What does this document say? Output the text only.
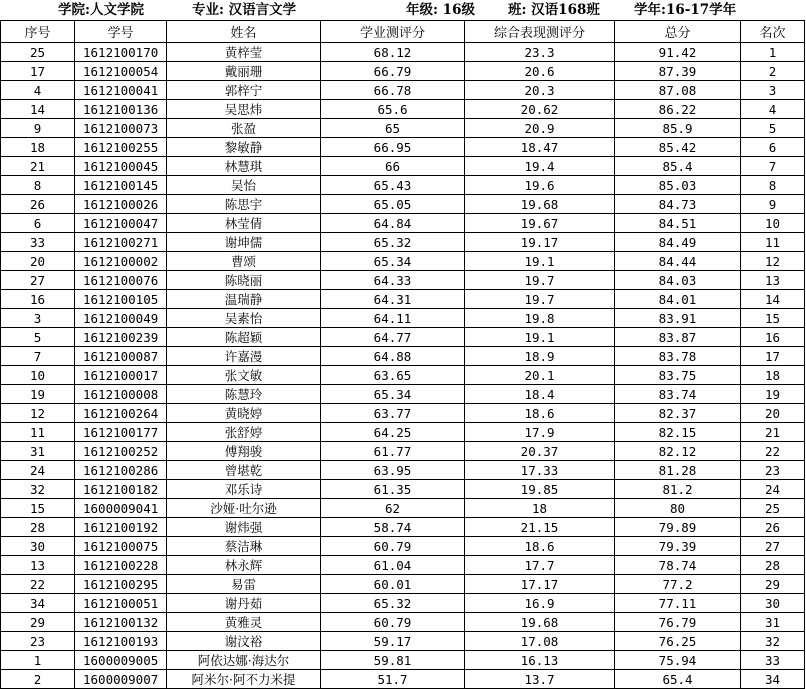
学院:人文学院	专业: 汉语言文学	年级: 16级 班: 汉语168班	学年:16-17学年
序号	学号	姓名	学业测评分	综合表现测评分	总分	名次
25	1612100170	黄梓莹	68.12	23.3	91.42	1
17	1612100054	戴丽珊	66.79	20.6	87.39	2
4	1612100041	郭梓宁	66.78	20.3	87.08	3
14	1612100136	吴思炜	65.6	20.62	86.22	4
9	1612100073	张盈	65	20.9	85.9	5
18	1612100255	黎敏静	66.95	18.47	85.42	6
21	1612100045	林慧琪	66	19.4	85.4	7
8	1612100145	吴怡	65.43	19.6	85.03	8
26	1612100026	陈思宇	65.05	19.68	84.73	9
6	1612100047	林莹倩	64.84	19.67	84.51	10
33	1612100271	谢坤儒	65.32	19.17	84.49	11
20	1612100002	曹颂	65.34	19.1	84.44	12
27	1612100076	陈晓丽	64.33	19.7	84.03	13
16	1612100105	温瑞静	64.31	19.7	84.01	14
3	1612100049	吴素怡	64.11	19.8	83.91	15
5	1612100239	陈超颖	64.77	19.1	83.87	16
7	1612100087	许嘉漫	64.88	18.9	83.78	17
10	1612100017	张文敏	63.65	20.1	83.75	18
19	1612100008	陈慧玲	65.34	18.4	83.74	19
12	1612100264	黄晓婷	63.77	18.6	82.37	20
11	1612100177	张舒婷	64.25	17.9	82.15	21
31	1612100252	傅翔骏	61.77	20.37	82.12	22
24	1612100286	曾堪乾	63.95	17.33	81.28	23
32	1612100182	邓乐诗	61.35	19.85	81.2	24
15	1600009041	沙娅·吐尔逊	62	18	80	25
28	1612100192	谢炜强	58.74	21.15	79.89	26
30	1612100075	蔡洁琳	60.79	18.6	79.39	27
13	1612100228	林永辉	61.04	17.7	78.74	28
22	1612100295	易雷	60.01	17.17	77.2	29
34	1612100051	谢丹茹	65.32	16.9	77.11	30
29	1612100132	黄雅灵	60.79	19.68	76.79	31
23	1612100193	谢汶裕	59.17	17.08	76.25	32
1	1600009005	阿依达娜·海达尔	59.81	16.13	75.94	33
2	1600009007	阿米尔·阿不力米提	51.7	13.7	65.4	34
